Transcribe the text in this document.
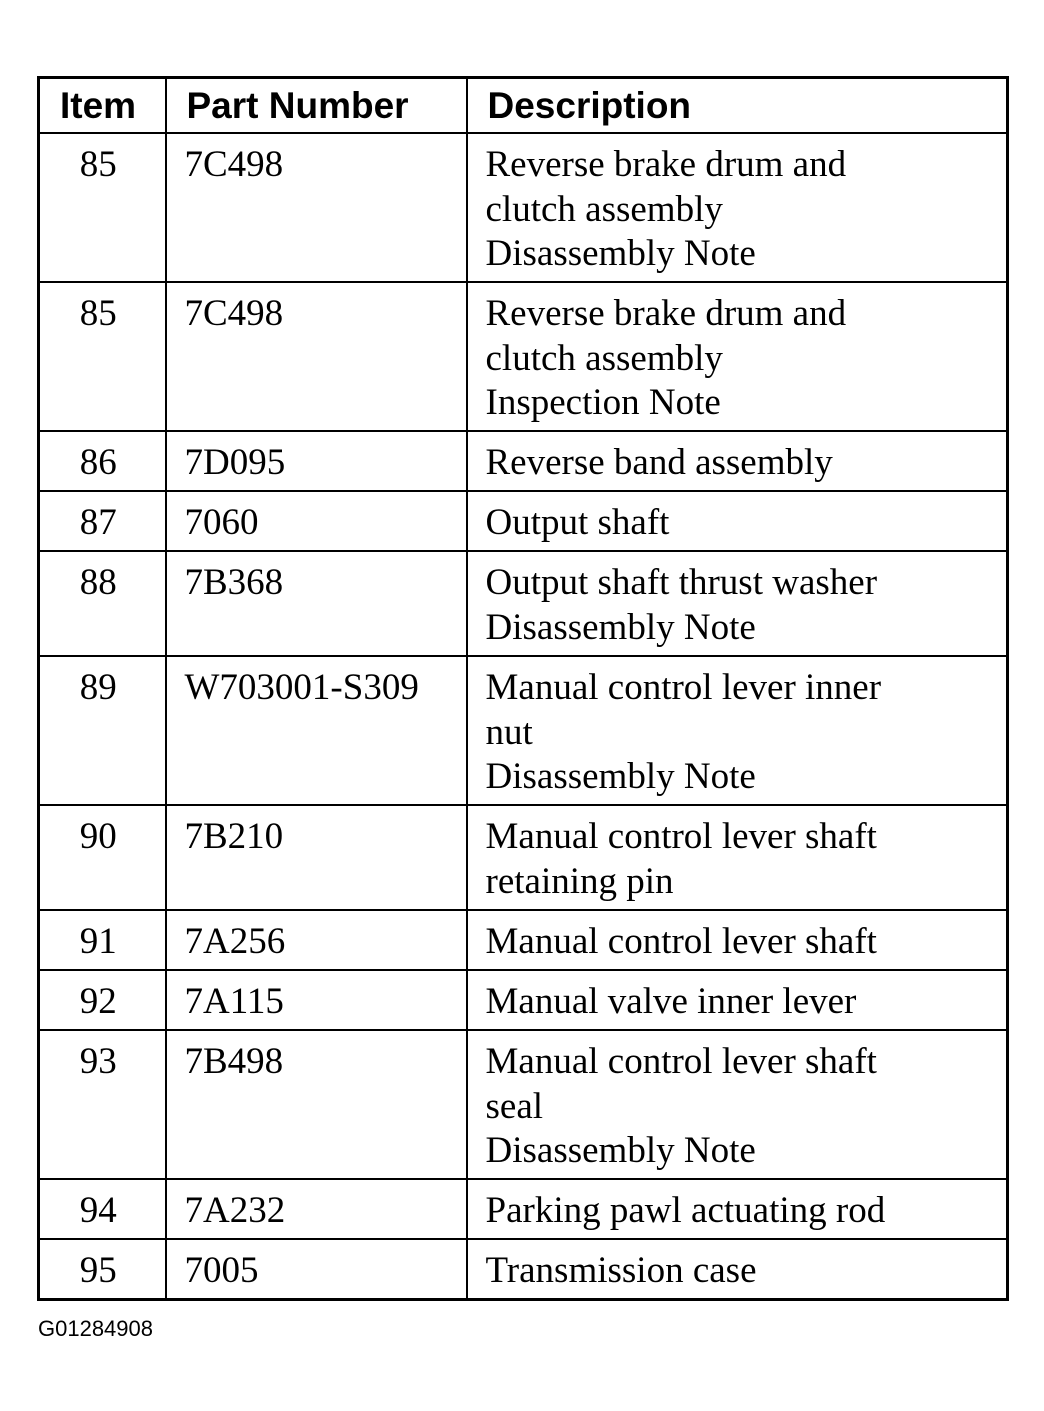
Item	Part Number	Description
85	7C498	Reverse brake drum and
clutch assembly
Disassembly Note

85	7C498	Reverse brake drum and
clutch assembly
Inspection Note

86	7D095	Reverse band assembly

87	7060	Output shaft

88	7B368	Output shaft thrust washer
Disassembly Note

89	W703001-S309	Manual control lever inner
nut
Disassembly Note

90	7B210	Manual control lever shaft
retaining pin

91	7A256	Manual control lever shaft

92	7A115	Manual valve inner lever

93	7B498	Manual control lever shaft
seal
Disassembly Note

94	7A232	Parking pawl actuating rod

95	7005	Transmission case
G01284908
